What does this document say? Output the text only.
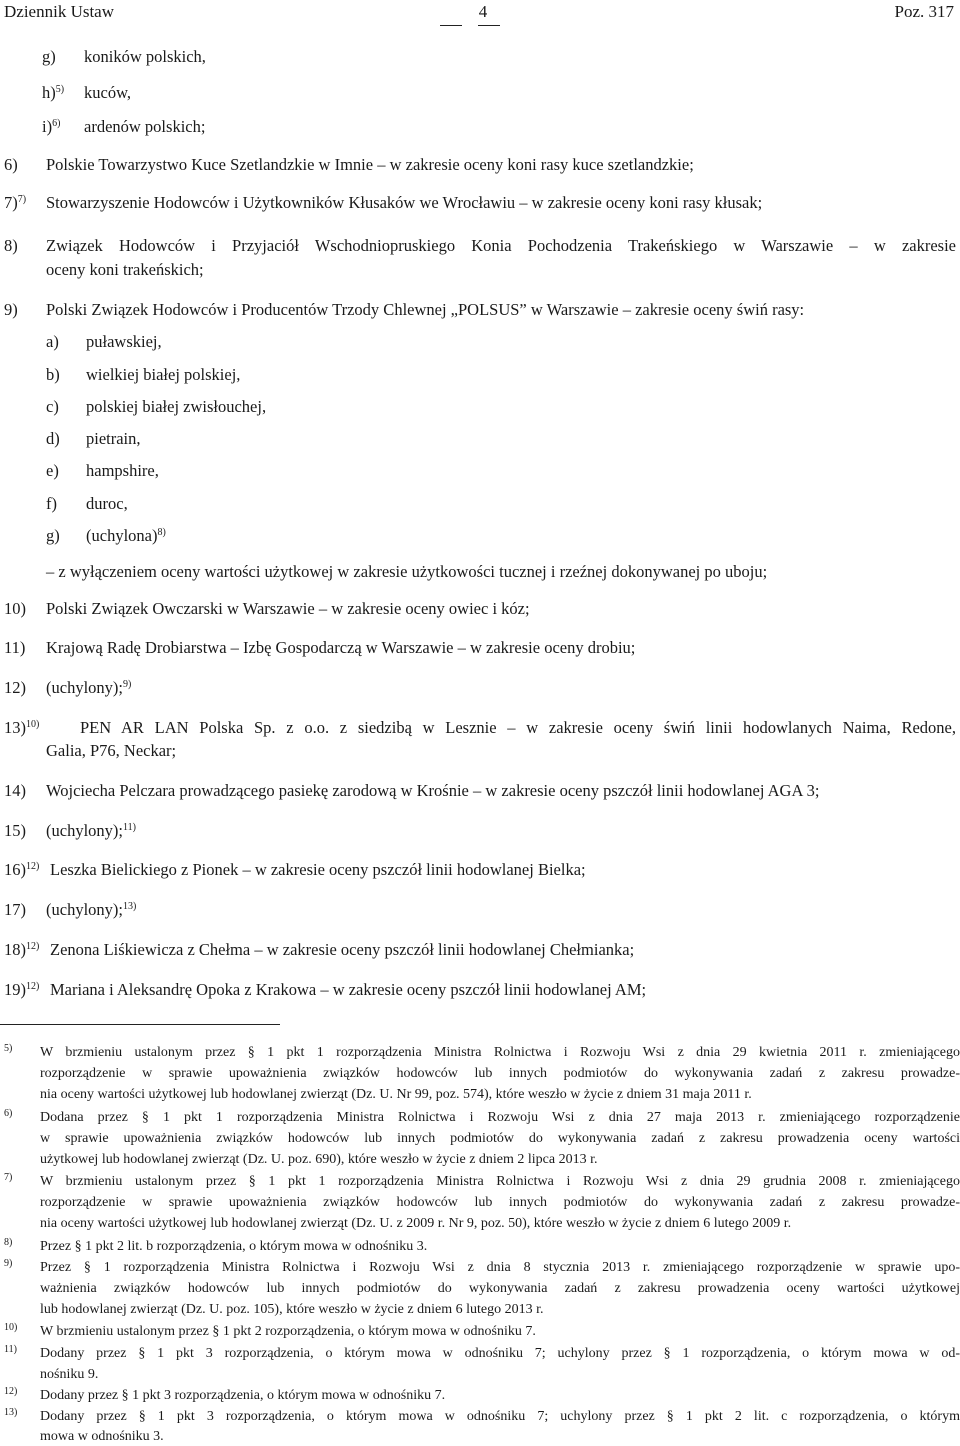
Dziennik Ustaw	4	Poz. 317
g) koników polskich,
h)$^{5)}$ kuców,
i)$^{6)}$ ardenów polskich;
6) Polskie Towarzystwo Kuce Szetlandzkie w Imnie – w zakresie oceny koni rasy kuce szetlandzkie;
7)$^{7)}$ Stowarzyszenie Hodowców i Użytkowników Kłusaków we Wrocławiu – w zakresie oceny koni rasy kłusak;
8) Związek Hodowców i Przyjaciół Wschodniopruskiego Konia Pochodzenia Trakeńskiego w Warszawie – w zakresie
oceny koni trakeńskich;
9) Polski Związek Hodowców i Producentów Trzody Chlewnej „POLSUS” w Warszawie – zakresie oceny świń rasy:
a) puławskiej,
b) wielkiej białej polskiej,
c) polskiej białej zwisłouchej,
d) pietrain,
e) hampshire,
f) duroc,
g) (uchylona)$^{8)}$
– z wyłączeniem oceny wartości użytkowej w zakresie użytkowości tucznej i rzeźnej dokonywanej po uboju;
10) Polski Związek Owczarski w Warszawie – w zakresie oceny owiec i kóz;
11) Krajową Radę Drobiarstwa – Izbę Gospodarczą w Warszawie – w zakresie oceny drobiu;
12) (uchylony);$^{9)}$
13)$^{10)}$ PEN AR LAN Polska Sp. z o.o. z siedzibą w Lesznie – w zakresie oceny świń linii hodowlanych Naima, Redone,
Galia, P76, Neckar;
14) Wojciecha Pelczara prowadzącego pasiekę zarodową w Krośnie – w zakresie oceny pszczół linii hodowlanej AGA 3;
15) (uchylony);$^{11)}$
16)$^{12)}$ Leszka Bielickiego z Pionek – w zakresie oceny pszczół linii hodowlanej Bielka;
17) (uchylony);$^{13)}$
18)$^{12)}$ Zenona Liśkiewicza z Chełma – w zakresie oceny pszczół linii hodowlanej Chełmianka;
19)$^{12)}$ Mariana i Aleksandrę Opoka z Krakowa – w zakresie oceny pszczół linii hodowlanej AM;
5) W brzmieniu ustalonym przez § 1 pkt 1 rozporządzenia Ministra Rolnictwa i Rozwoju Wsi z dnia 29 kwietnia 2011 r. zmieniającego
rozporządzenie w sprawie upoważnienia związków hodowców lub innych podmiotów do wykonywania zadań z zakresu prowadze-
nia oceny wartości użytkowej lub hodowlanej zwierząt (Dz. U. Nr 99, poz. 574), które weszło w życie z dniem 31 maja 2011 r.
6) Dodana przez § 1 pkt 1 rozporządzenia Ministra Rolnictwa i Rozwoju Wsi z dnia 27 maja 2013 r. zmieniającego rozporządzenie
w sprawie upoważnienia związków hodowców lub innych podmiotów do wykonywania zadań z zakresu prowadzenia oceny wartości
użytkowej lub hodowlanej zwierząt (Dz. U. poz. 690), które weszło w życie z dniem 2 lipca 2013 r.
7) W brzmieniu ustalonym przez § 1 pkt 1 rozporządzenia Ministra Rolnictwa i Rozwoju Wsi z dnia 29 grudnia 2008 r. zmieniającego
rozporządzenie w sprawie upoważnienia związków hodowców lub innych podmiotów do wykonywania zadań z zakresu prowadze-
nia oceny wartości użytkowej lub hodowlanej zwierząt (Dz. U. z 2009 r. Nr 9, poz. 50), które weszło w życie z dniem 6 lutego 2009 r.
8) Przez § 1 pkt 2 lit. b rozporządzenia, o którym mowa w odnośniku 3.
9) Przez § 1 rozporządzenia Ministra Rolnictwa i Rozwoju Wsi z dnia 8 stycznia 2013 r. zmieniającego rozporządzenie w sprawie upo-
ważnienia związków hodowców lub innych podmiotów do wykonywania zadań z zakresu prowadzenia oceny wartości użytkowej
lub hodowlanej zwierząt (Dz. U. poz. 105), które weszło w życie z dniem 6 lutego 2013 r.
10) W brzmieniu ustalonym przez § 1 pkt 2 rozporządzenia, o którym mowa w odnośniku 7.
11) Dodany przez § 1 pkt 3 rozporządzenia, o którym mowa w odnośniku 7; uchylony przez § 1 rozporządzenia, o którym mowa w od-
nośniku 9.
12) Dodany przez § 1 pkt 3 rozporządzenia, o którym mowa w odnośniku 7.
13) Dodany przez § 1 pkt 3 rozporządzenia, o którym mowa w odnośniku 7; uchylony przez § 1 pkt 2 lit. c rozporządzenia, o którym
mowa w odnośniku 3.
